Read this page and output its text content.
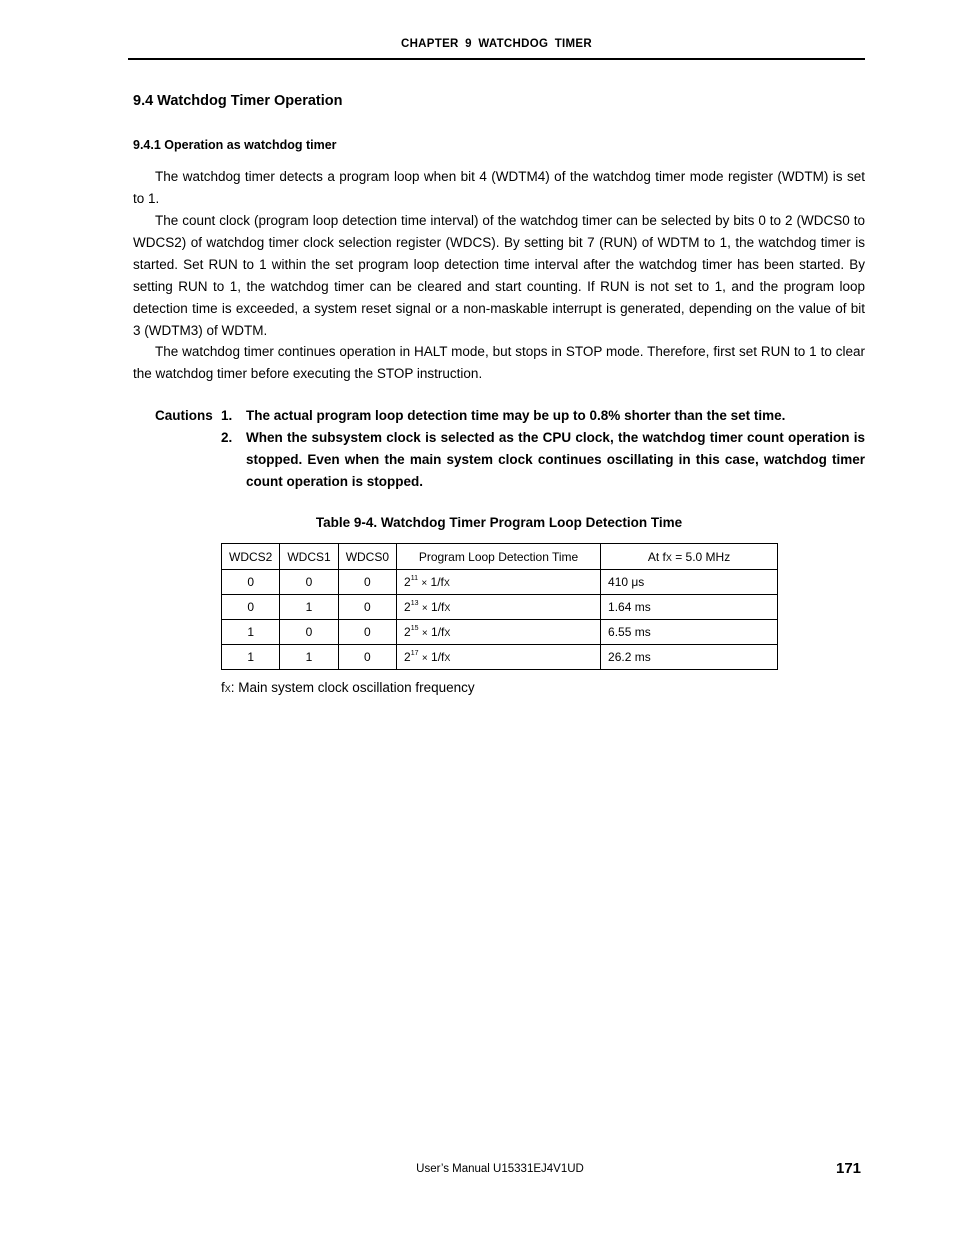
CHAPTER 9 WATCHDOG TIMER
9.4 Watchdog Timer Operation
9.4.1 Operation as watchdog timer
The watchdog timer detects a program loop when bit 4 (WDTM4) of the watchdog timer mode register (WDTM) is set to 1.
The count clock (program loop detection time interval) of the watchdog timer can be selected by bits 0 to 2 (WDCS0 to WDCS2) of watchdog timer clock selection register (WDCS). By setting bit 7 (RUN) of WDTM to 1, the watchdog timer is started. Set RUN to 1 within the set program loop detection time interval after the watchdog timer has been started. By setting RUN to 1, the watchdog timer can be cleared and start counting. If RUN is not set to 1, and the program loop detection time is exceeded, a system reset signal or a non-maskable interrupt is generated, depending on the value of bit 3 (WDTM3) of WDTM.
The watchdog timer continues operation in HALT mode, but stops in STOP mode. Therefore, first set RUN to 1 to clear the watchdog timer before executing the STOP instruction.
Cautions 1.	The actual program loop detection time may be up to 0.8% shorter than the set time.
2.	When the subsystem clock is selected as the CPU clock, the watchdog timer count operation is stopped. Even when the main system clock continues oscillating in this case, watchdog timer count operation is stopped.
Table 9-4. Watchdog Timer Program Loop Detection Time
WDCS2	WDCS1	WDCS0	Program Loop Detection Time	At fX = 5.0 MHz
0	0	0	$2^{11} \times 1/fX$	410 μs
0	1	0	$2^{13} \times 1/fX$	1.64 ms
1	0	0	$2^{15} \times 1/fX$	6.55 ms
1	1	0	$2^{17} \times 1/fX$	26.2 ms
fX: Main system clock oscillation frequency
User’s Manual U15331EJ4V1UD	171
